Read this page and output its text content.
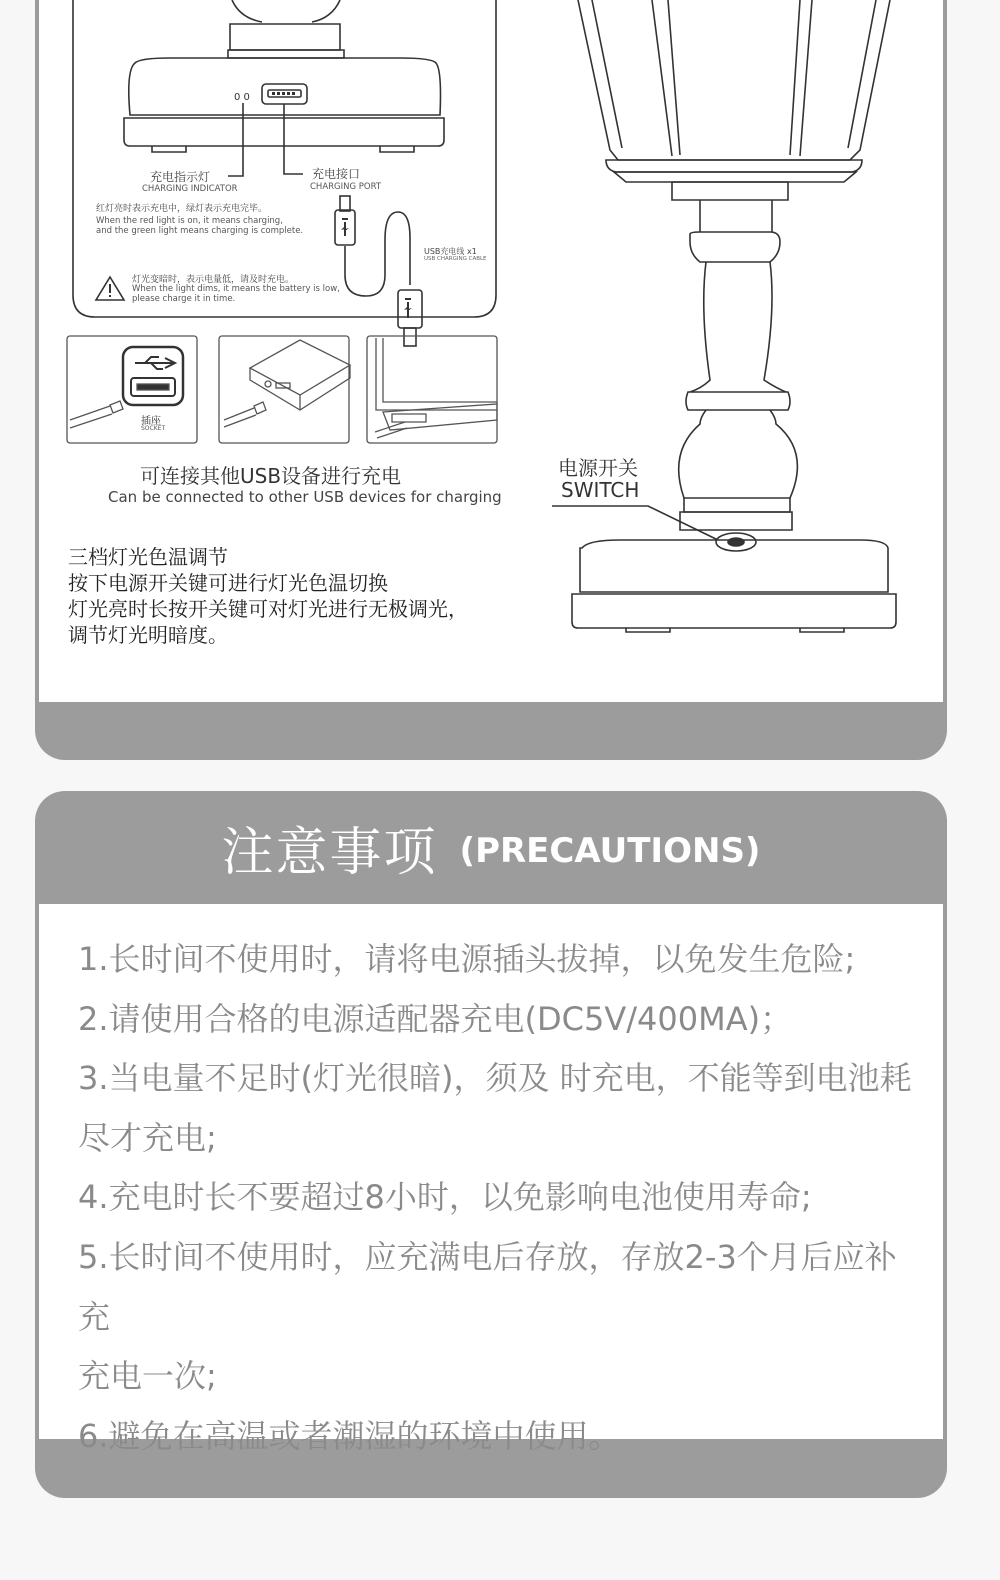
0 0
充电指示灯
CHARGING INDICATOR
充电接口
CHARGING PORT
红灯亮时表示充电中，绿灯表示充电完毕。
When the red light is on, it means charging,
and the green light means charging is complete.
USB充电线 x1
USB CHARGING CABLE
灯光变暗时，表示电量低，请及时充电。
When the light dims, it means the battery is low,
please charge it in time.
插座
SOCKET
可连接其他USB设备进行充电
Can be connected to other USB devices for charging
电源开关
SWITCH
三档灯光色温调节
按下电源开关键可进行灯光色温切换
灯光亮时长按开关键可对灯光进行无极调光，
调节灯光明暗度。
注意事项 (PRECAUTIONS)

1.长时间不使用时，请将电源插头拔掉，以免发生危险;

2.请使用合格的电源适配器充电(DC5V/400MA)；

3.当电量不足时(灯光很暗)，须及 时充电，不能等到电池耗

尽才充电;

4.充电时长不要超过8小时，以免影响电池使用寿命;

5.长时间不使用时，应充满电后存放，存放2-3个月后应补充

充电一次;

6.避免在高温或者潮湿的环境中使用。
